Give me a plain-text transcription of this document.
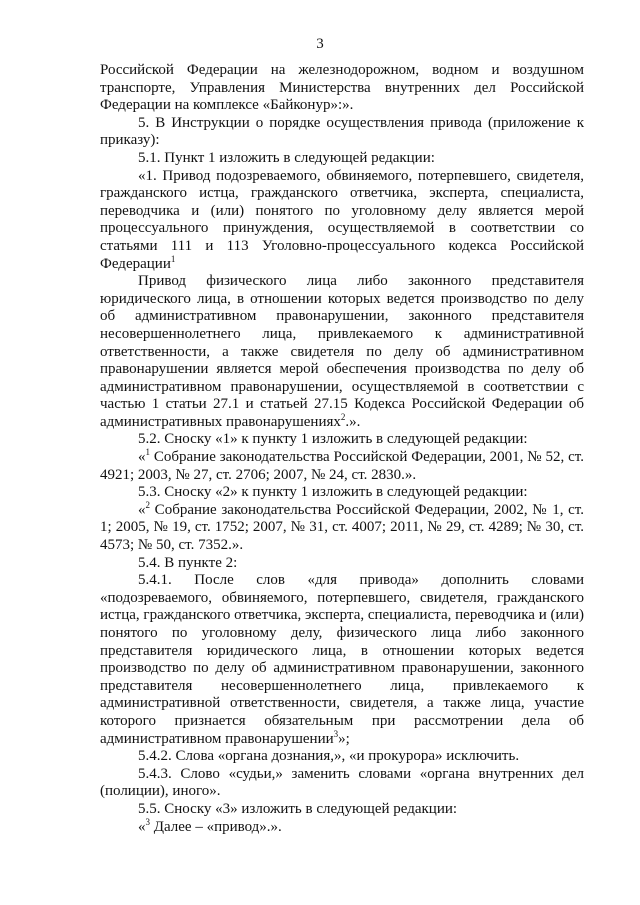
3

Российской Федерации на железнодорожном, водном и воздушном транспорте, Управления Министерства внутренних дел Российской Федерации на комплексе «Байконур»:».

5. В Инструкции о порядке осуществления привода (приложение к приказу):

5.1. Пункт 1 изложить в следующей редакции:

«1. Привод подозреваемого, обвиняемого, потерпевшего, свидетеля, гражданского истца, гражданского ответчика, эксперта, специалиста, переводчика и (или) понятого по уголовному делу является мерой процессуального принуждения, осуществляемой в соответствии со статьями 111 и 113 Уголовно-процессуального кодекса Российской Федерации$^1$

Привод физического лица либо законного представителя юридического лица, в отношении которых ведется производство по делу об административном правонарушении, законного представителя несовершеннолетнего лица, привлекаемого к административной ответственности, а также свидетеля по делу об административном правонарушении является мерой обеспечения производства по делу об административном правонарушении, осуществляемой в соответствии с частью 1 статьи 27.1 и статьей 27.15 Кодекса Российской Федерации об административных правонарушениях$^2$.».

5.2. Сноску «1» к пункту 1 изложить в следующей редакции:

«$^1$ Собрание законодательства Российской Федерации, 2001, № 52, ст. 4921; 2003, № 27, ст. 2706; 2007, № 24, ст. 2830.».

5.3. Сноску «2» к пункту 1 изложить в следующей редакции:

«$^2$ Собрание законодательства Российской Федерации, 2002, № 1, ст. 1; 2005, № 19, ст. 1752; 2007, № 31, ст. 4007; 2011, № 29, ст. 4289; № 30, ст. 4573; № 50, ст. 7352.».

5.4. В пункте 2:

5.4.1. После слов «для привода» дополнить словами «подозреваемого, обвиняемого, потерпевшего, свидетеля, гражданского истца, гражданского ответчика, эксперта, специалиста, переводчика и (или) понятого по уголовному делу, физического лица либо законного представителя юридического лица, в отношении которых ведется производство по делу об административном правонарушении, законного представителя несовершеннолетнего лица, привлекаемого к административной ответственности, свидетеля, а также лица, участие которого признается обязательным при рассмотрении дела об административном правонарушении$^3$»;

5.4.2. Слова «органа дознания,», «и прокурора» исключить.

5.4.3. Слово «судьи,» заменить словами «органа внутренних дел (полиции), иного».

5.5. Сноску «3» изложить в следующей редакции:

«$^3$ Далее – «привод».».
